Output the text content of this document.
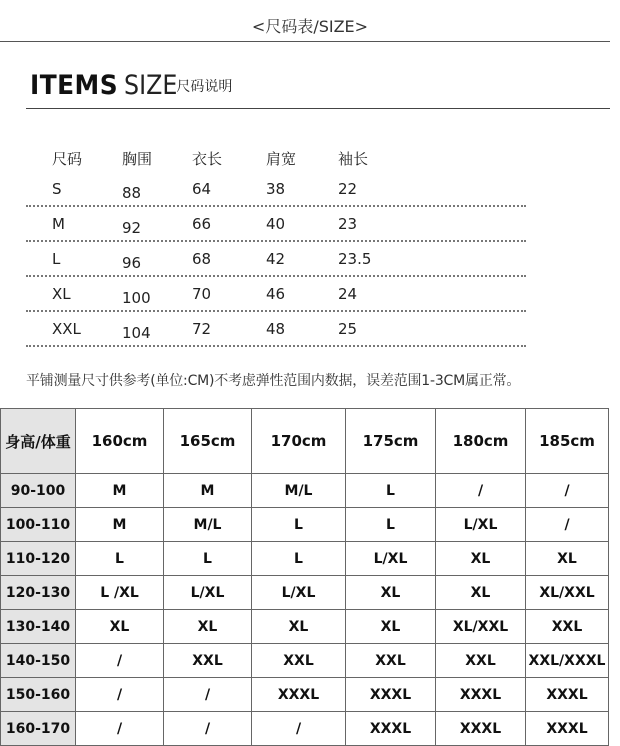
<尺码表/SIZE>
ITEMS SIZE尺码说明
尺码	胸围	衣长	肩宽	袖长
S	88	64	38	22
M	92	66	40	23
L	96	68	42	23.5
XL	100	70	46	24
XXL	104	72	48	25
平铺测量尺寸供参考(单位:CM)不考虑弹性范围内数据，误差范围1-3CM属正常。
身高/体重	160cm	165cm	170cm	175cm	180cm	185cm
90-100	M	M	M/L	L	/	/
100-110	M	M/L	L	L	L/XL	/
110-120	L	L	L	L/XL	XL	XL
120-130	L /XL	L/XL	L/XL	XL	XL	XL/XXL
130-140	XL	XL	XL	XL	XL/XXL	XXL
140-150	/	XXL	XXL	XXL	XXL	XXL/XXXL
150-160	/	/	XXXL	XXXL	XXXL	XXXL
160-170	/	/	/	XXXL	XXXL	XXXL
